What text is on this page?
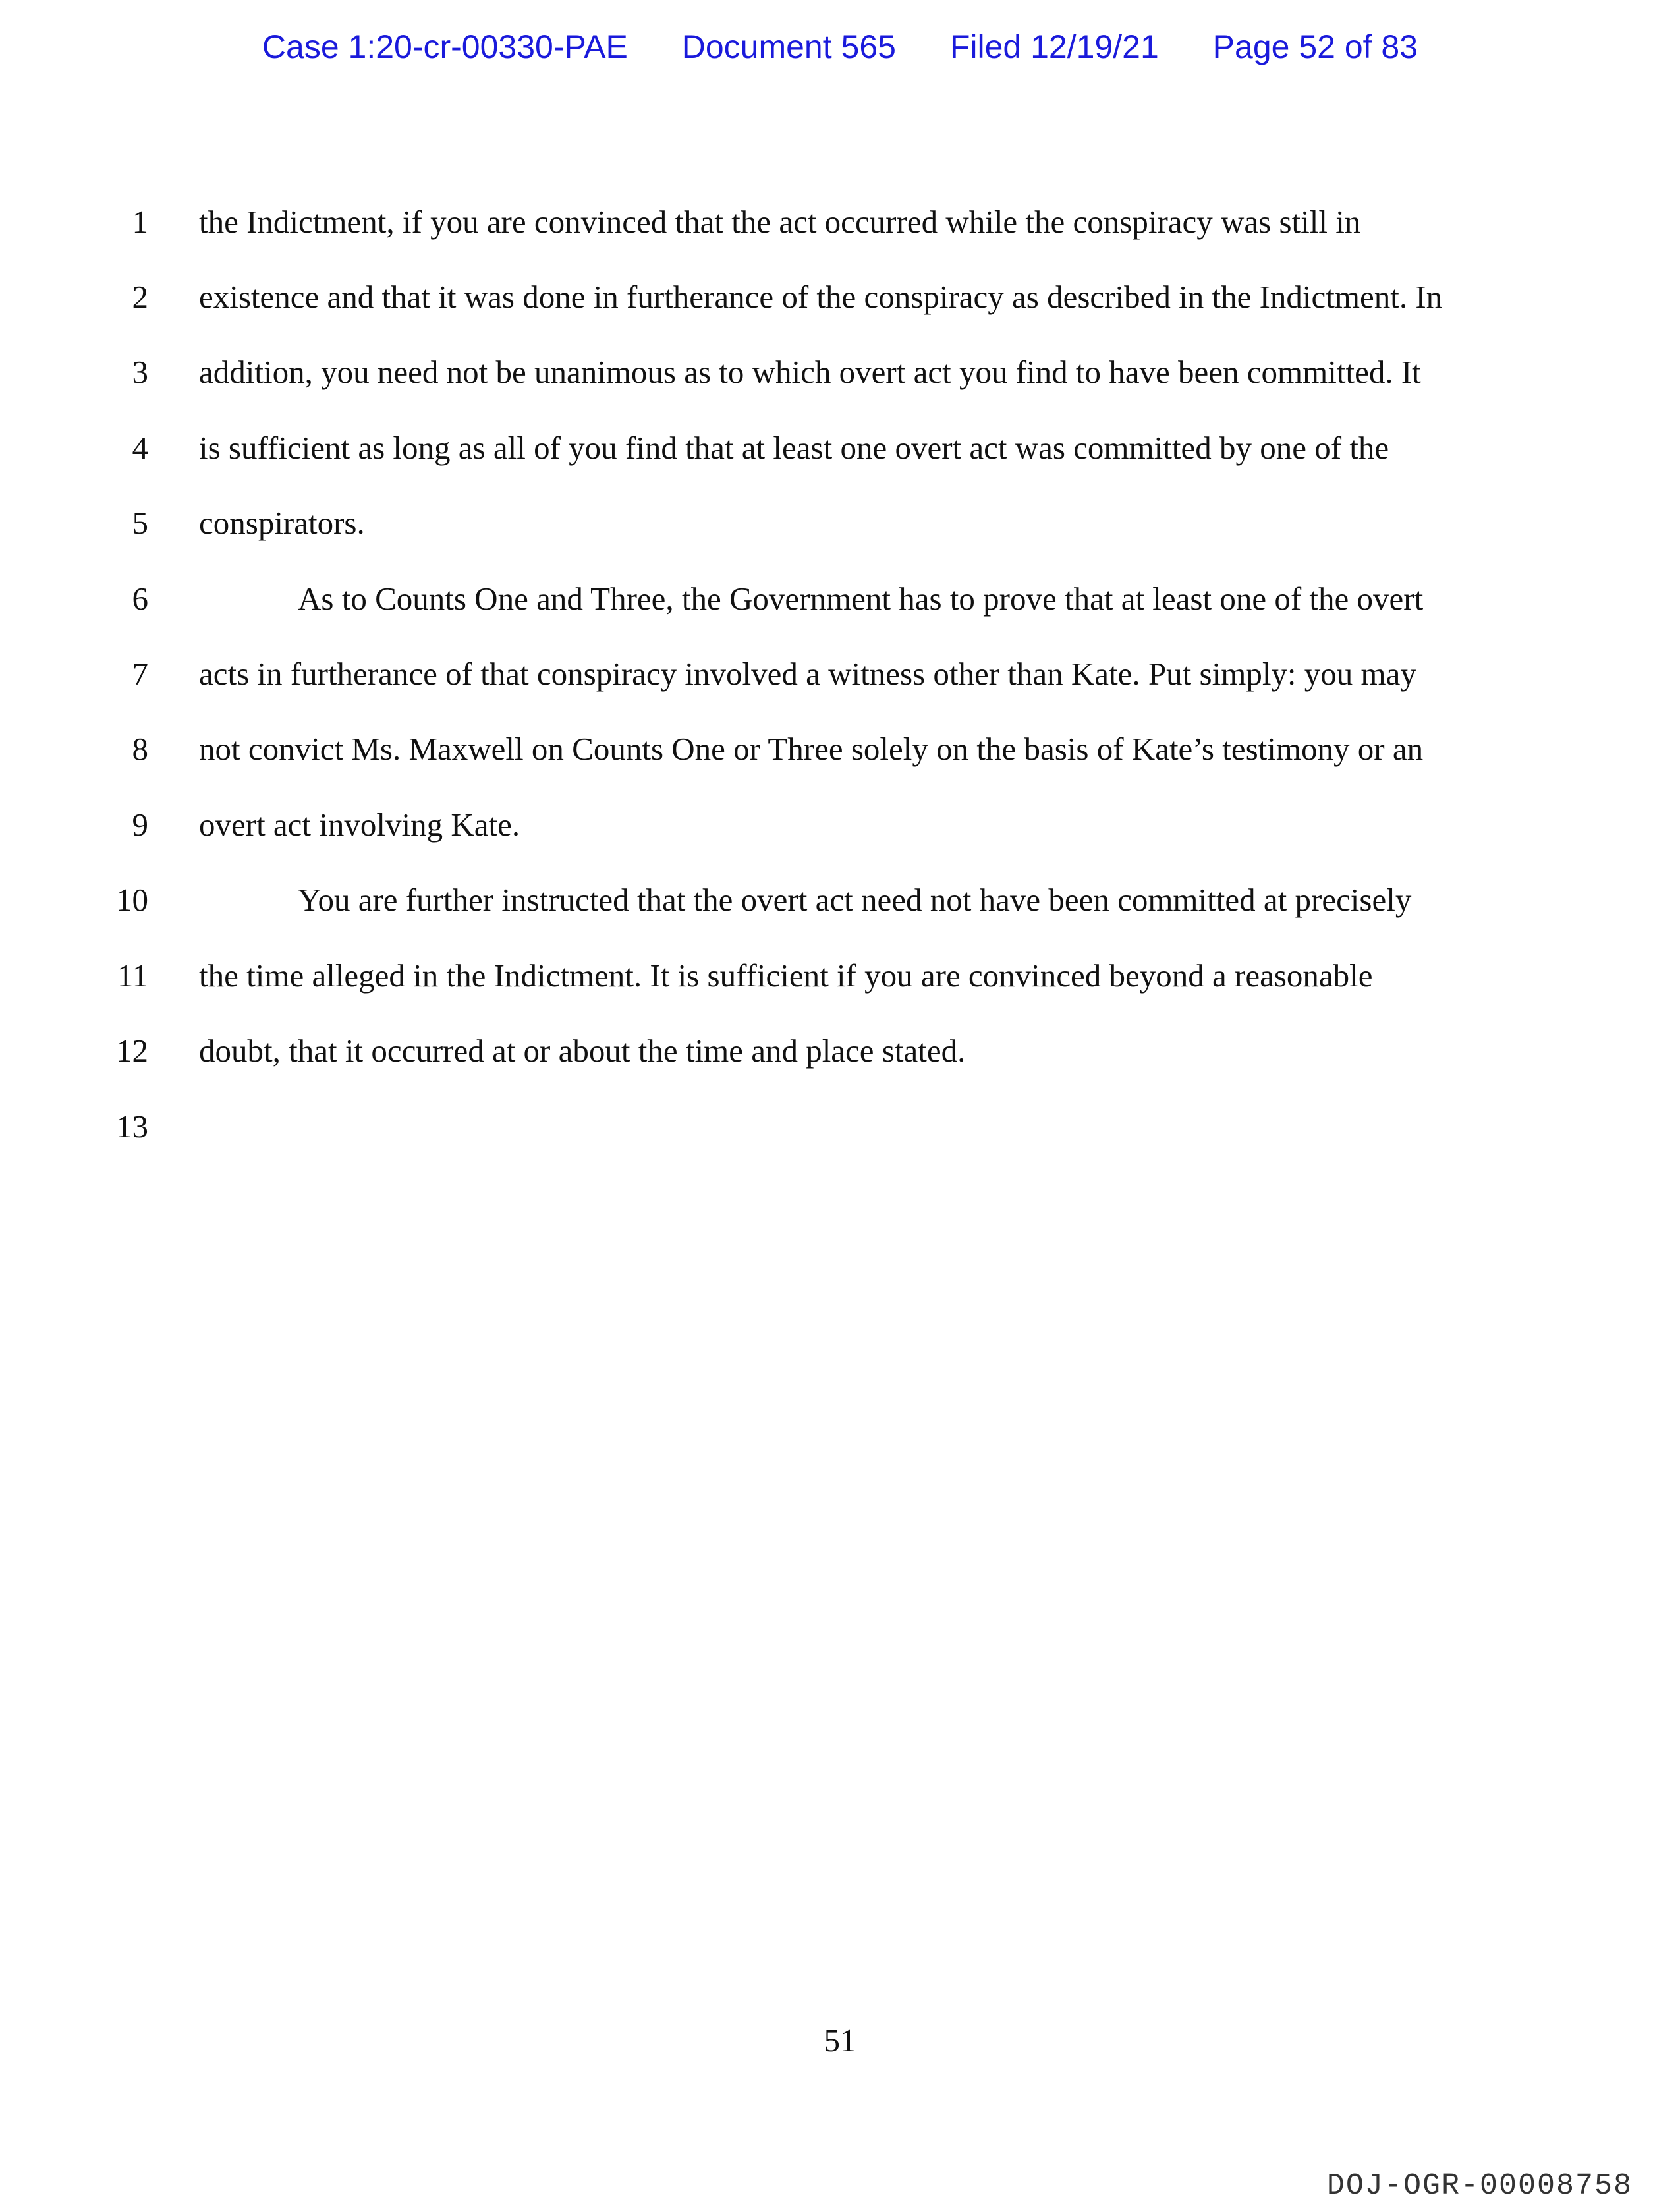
Case 1:20-cr-00330-PAE Document 565 Filed 12/19/21 Page 52 of 83
1 the Indictment, if you are convinced that the act occurred while the conspiracy was still in
2 existence and that it was done in furtherance of the conspiracy as described in the Indictment. In
3 addition, you need not be unanimous as to which overt act you find to have been committed. It
4 is sufficient as long as all of you find that at least one overt act was committed by one of the
5 conspirators.
6	As to Counts One and Three, the Government has to prove that at least one of the overt
7 acts in furtherance of that conspiracy involved a witness other than Kate. Put simply: you may
8 not convict Ms. Maxwell on Counts One or Three solely on the basis of Kate’s testimony or an
9 overt act involving Kate.
10	You are further instructed that the overt act need not have been committed at precisely
11 the time alleged in the Indictment. It is sufficient if you are convinced beyond a reasonable
12 doubt, that it occurred at or about the time and place stated.
13
51
DOJ-OGR-00008758
